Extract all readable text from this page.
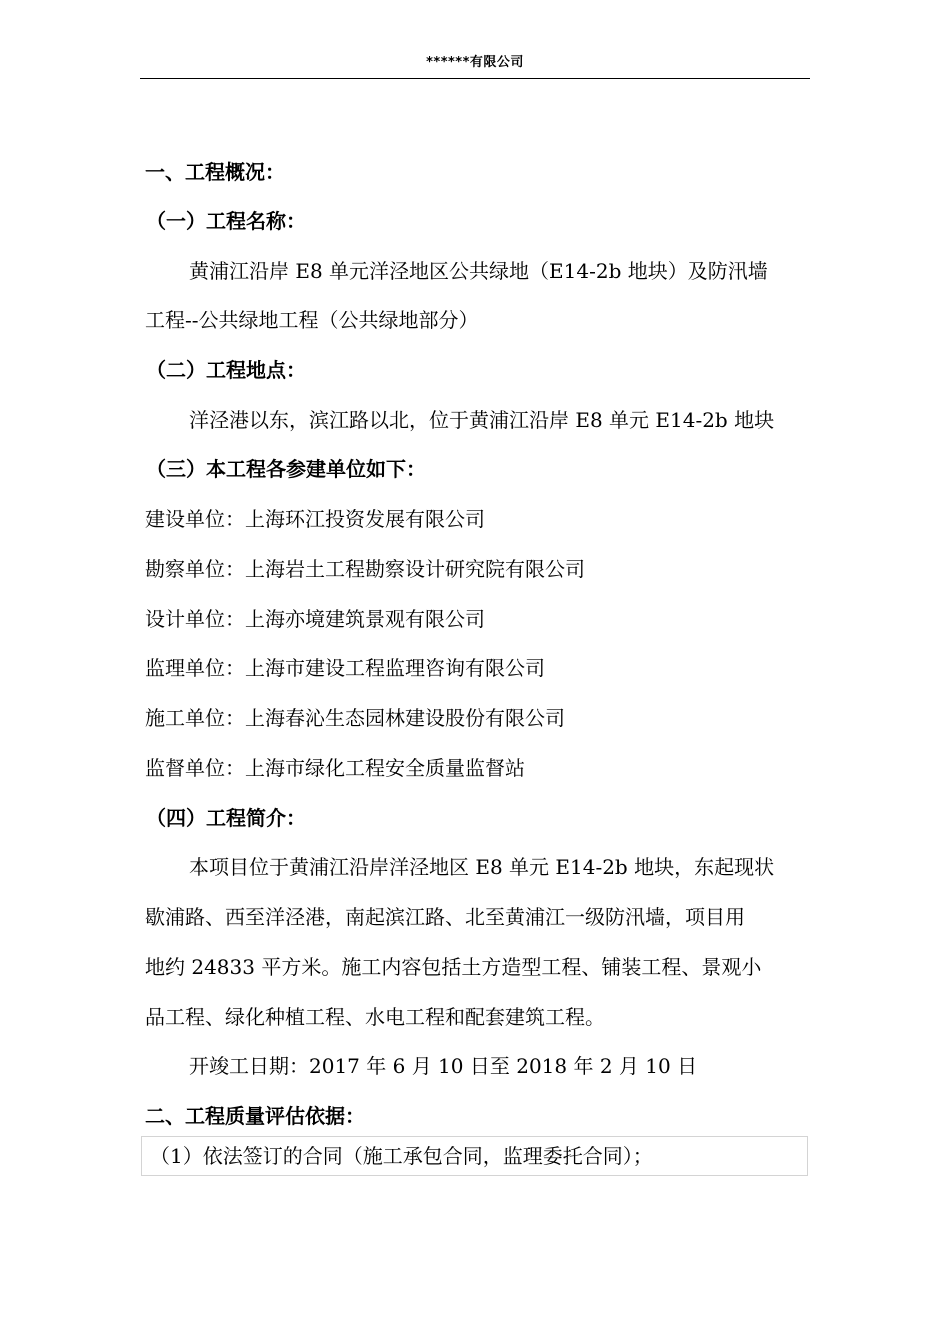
******有限公司
一、工程概况：
（一）工程名称：
黄浦江沿岸 E8 单元洋泾地区公共绿地（E14-2b 地块）及防汛墙
工程--公共绿地工程（公共绿地部分）
（二）工程地点：
洋泾港以东，滨江路以北，位于黄浦江沿岸 E8 单元 E14-2b 地块
（三）本工程各参建单位如下：
建设单位：上海环江投资发展有限公司
勘察单位：上海岩土工程勘察设计研究院有限公司
设计单位：上海亦境建筑景观有限公司
监理单位：上海市建设工程监理咨询有限公司
施工单位：上海春沁生态园林建设股份有限公司
监督单位：上海市绿化工程安全质量监督站
（四）工程简介：
本项目位于黄浦江沿岸洋泾地区 E8 单元 E14-2b 地块，东起现状
歇浦路、西至洋泾港，南起滨江路、北至黄浦江一级防汛墙，项目用
地约 24833 平方米。施工内容包括土方造型工程、铺装工程、景观小
品工程、绿化种植工程、水电工程和配套建筑工程。
开竣工日期：2017 年 6 月 10 日至 2018 年 2 月 10 日
二、工程质量评估依据：
（1）依法签订的合同（施工承包合同，监理委托合同）；
